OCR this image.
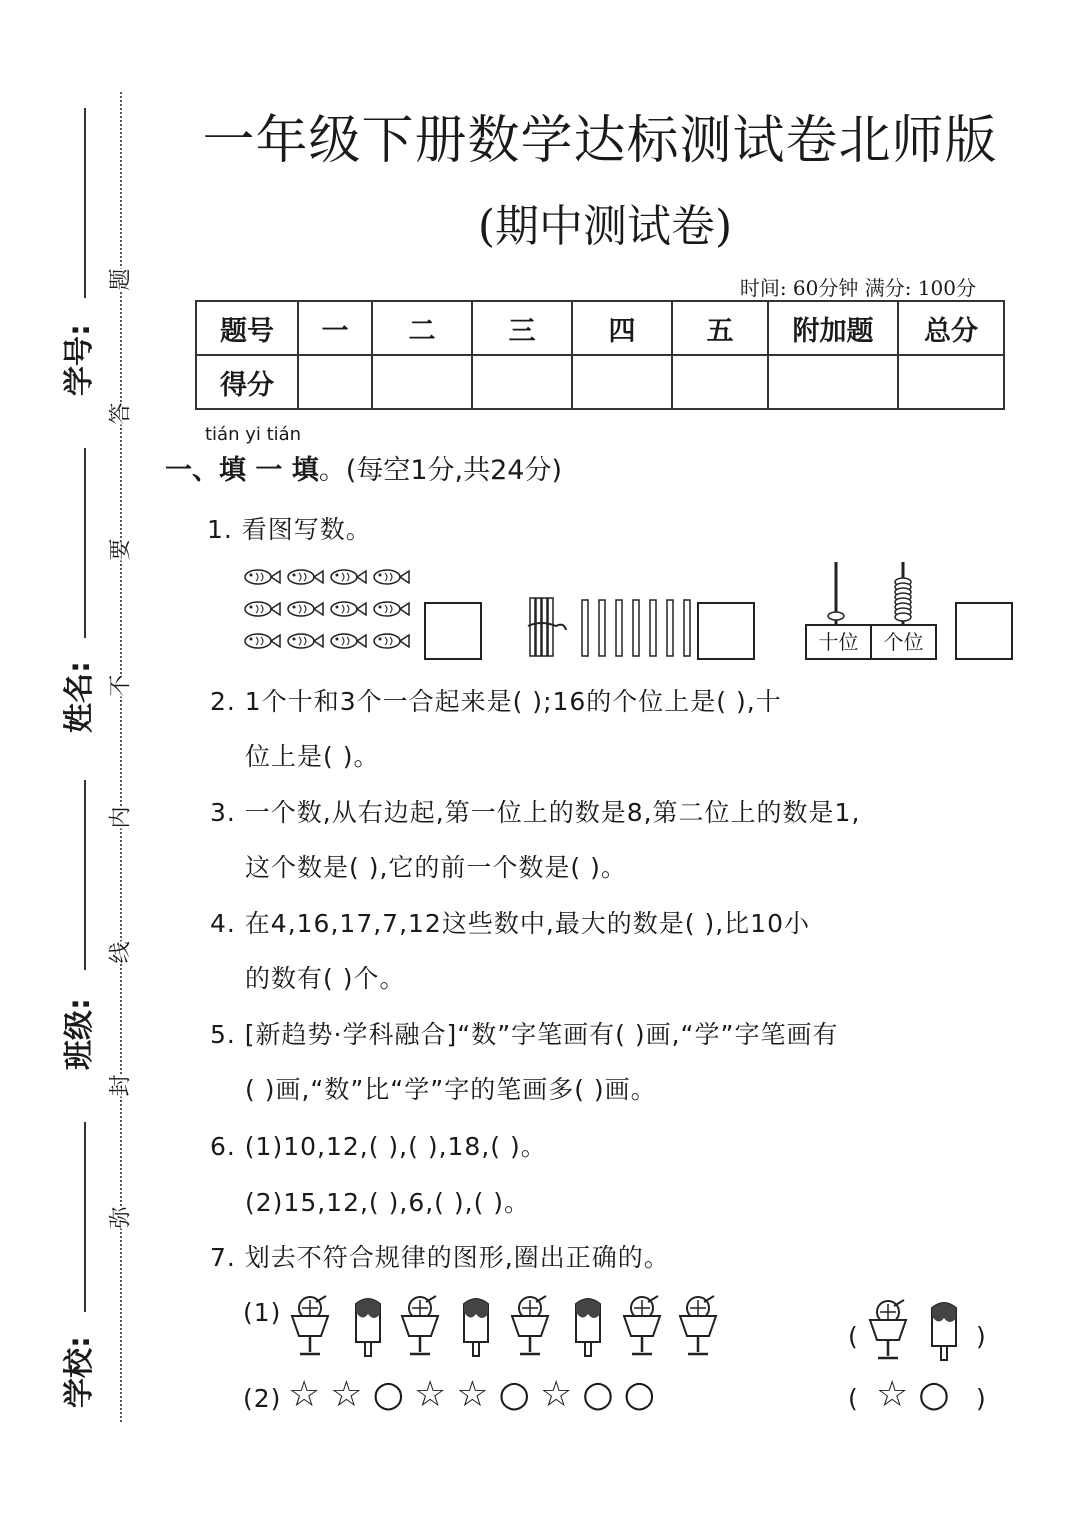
学号:
姓名:
班级:
学校:
题
答
要
不
内
线
封
弥
一年级下册数学达标测试卷北师版
(期中测试卷)
时间: 60分钟 满分: 100分
题号	一	二	三	四	五	附加题	总分
得分							
tián yi tián
一、填 一 填。(每空1分,共24分)
1. 看图写数。
十位	个位
2. 1个十和3个一合起来是( );16的个位上是( ),十
位上是( )。
3. 一个数,从右边起,第一位上的数是8,第二位上的数是1,
这个数是( ),它的前一个数是( )。
4. 在4,16,17,7,12这些数中,最大的数是( ),比10小
的数有( )个。
5. [新趋势·学科融合]“数”字笔画有( )画,“学”字笔画有
( )画,“数”比“学”字的笔画多( )画。
6. (1)10,12,( ),( ),18,( )。
(2)15,12,( ),6,( ),( )。
7. 划去不符合规律的图形,圈出正确的。
(1)
(	)
(2) ☆☆○☆☆○☆○○	( ☆○ )
